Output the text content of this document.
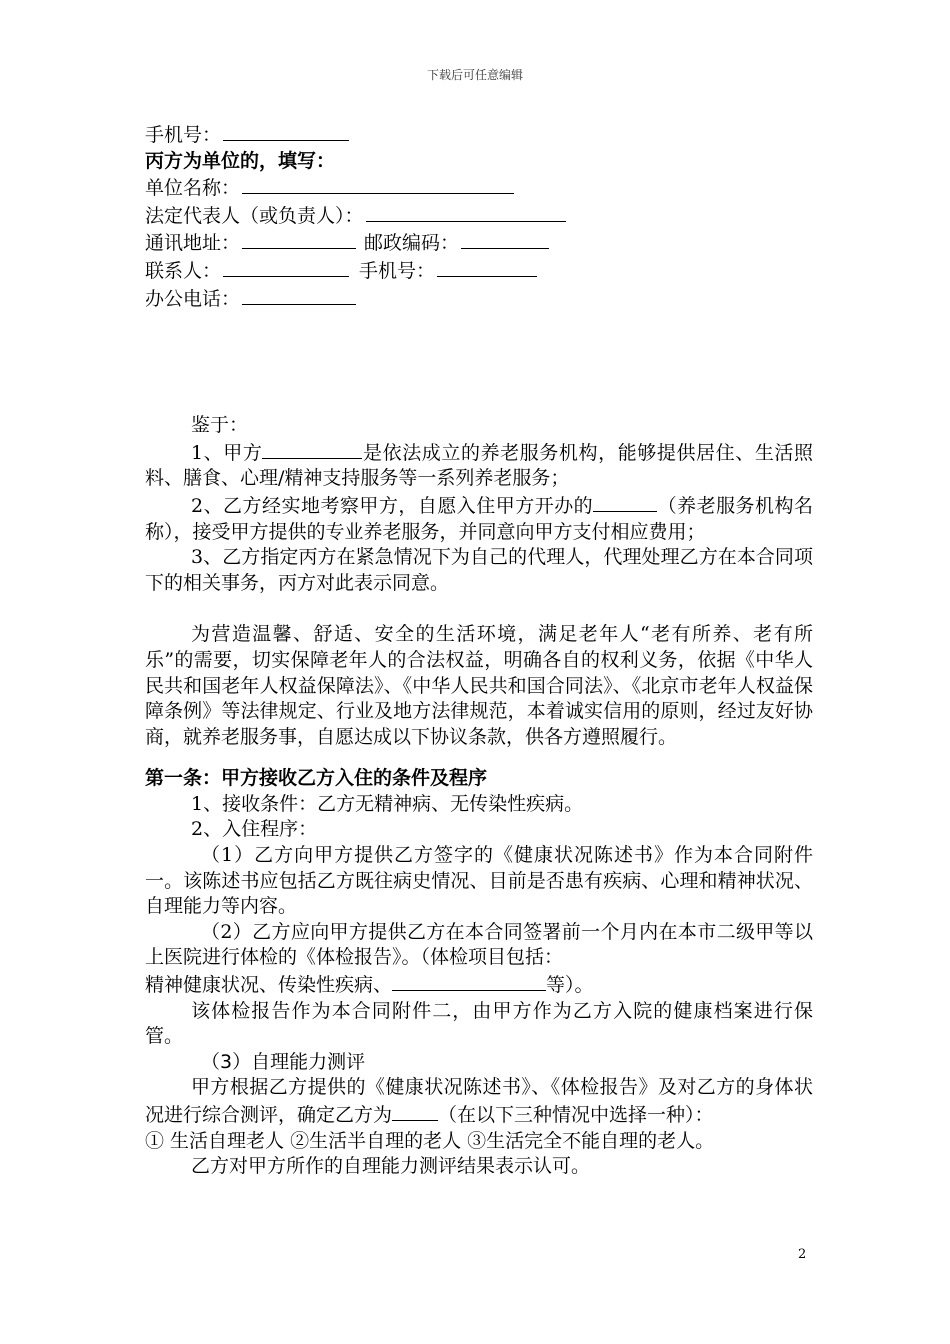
下载后可任意编辑

手机号：

丙方为单位的，填写：

单位名称：

法定代表人（或负责人）：

通讯地址：	邮政编码：

联系人：	手机号：

办公电话：

鉴于：

1、甲方	是依法成立的养老服务机构，能够提供居住、生活照料、膳食、心理/精神支持服务等一系列养老服务；

2、乙方经实地考察甲方，自愿入住甲方开办的	（养老服务机构名称），接受甲方提供的专业养老服务，并同意向甲方支付相应费用；

3、乙方指定丙方在紧急情况下为自己的代理人，代理处理乙方在本合同项下的相关事务，丙方对此表示同意。

为营造温馨、舒适、安全的生活环境，满足老年人“老有所养、老有所乐”的需要，切实保障老年人的合法权益，明确各自的权利义务，依据《中华人民共和国老年人权益保障法》、《中华人民共和国合同法》、《北京市老年人权益保障条例》等法律规定、行业及地方法律规范，本着诚实信用的原则，经过友好协商，就养老服务事，自愿达成以下协议条款，供各方遵照履行。

第一条：甲方接收乙方入住的条件及程序

1、接收条件：乙方无精神病、无传染性疾病。

2、入住程序：

（1）乙方向甲方提供乙方签字的《健康状况陈述书》作为本合同附件一。该陈述书应包括乙方既往病史情况、目前是否患有疾病、心理和精神状况、自理能力等内容。

（2）乙方应向甲方提供乙方在本合同签署前一个月内在本市二级甲等以上医院进行体检的《体检报告》。（体检项目包括：

精神健康状况、传染性疾病、	等）。

该体检报告作为本合同附件二，由甲方作为乙方入院的健康档案进行保管。

（3）自理能力测评

甲方根据乙方提供的《健康状况陈述书》、《体检报告》及对乙方的身体状况进行综合测评，确定乙方为 （在以下三种情况中选择一种）：

① 生活自理老人 ②生活半自理的老人 ③生活完全不能自理的老人。

乙方对甲方所作的自理能力测评结果表示认可。

2
